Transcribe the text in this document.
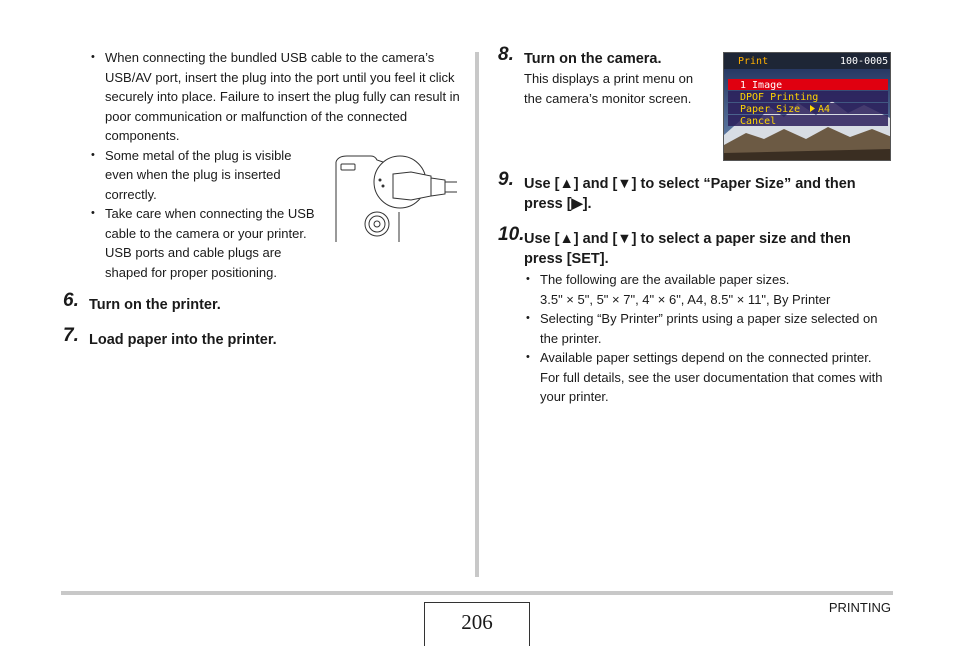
• When connecting the bundled USB cable to the camera’s USB/AV port, insert the plug into the port until you feel it click securely into place. Failure to insert the plug fully can result in poor communication or malfunction of the connected components.
• Some metal of the plug is visible even when the plug is inserted correctly.
• Take care when connecting the USB cable to the camera or your printer. USB ports and cable plugs are shaped for proper positioning.
6. Turn on the printer.
7. Load paper into the printer.
8. Turn on the camera.
This displays a print menu on the camera’s monitor screen.
Print	100-0005
1 Image
DPOF Printing
Paper Size A4
Cancel
9. Use [▲] and [▼] to select “Paper Size” and then press [▶].
10. Use [▲] and [▼] to select a paper size and then press [SET].
• The following are the available paper sizes.
3.5" × 5", 5" × 7", 4" × 6", A4, 8.5" × 11", By Printer
• Selecting “By Printer” prints using a paper size selected on the printer.
• Available paper settings depend on the connected printer. For full details, see the user documentation that comes with your printer.
206
PRINTING
